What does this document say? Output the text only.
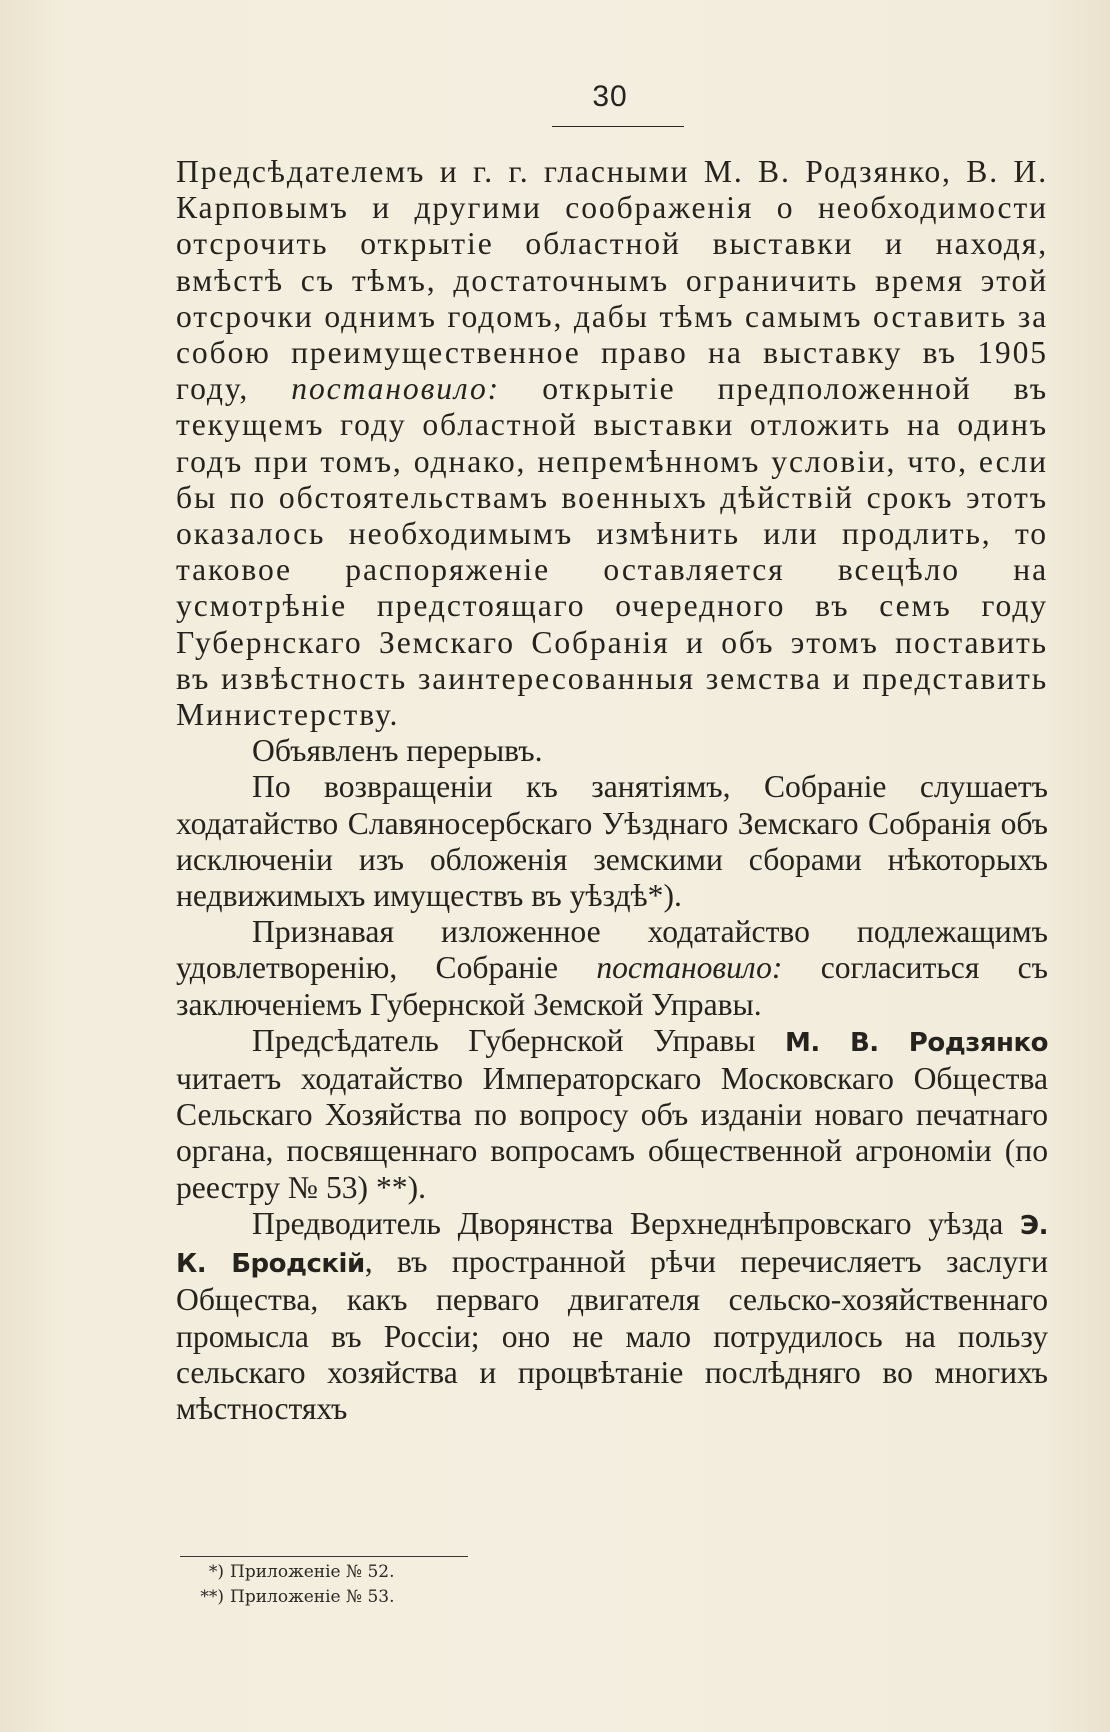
30

Предсѣдателемъ и г. г. гласными М. В. Родзянко, В. И. Карповымъ и другими соображенія о необходимости отсрочить открытіе областной выставки и находя, вмѣстѣ съ тѣмъ, достаточнымъ ограничить время этой отсрочки однимъ годомъ, дабы тѣмъ самымъ оставить за собою преимущественное право на выставку въ 1905 году, постановило: открытіе предположенной въ текущемъ году областной выставки отложить на одинъ годъ при томъ, однако, непремѣнномъ условіи, что, если бы по обстоятельствамъ военныхъ дѣйствій срокъ этотъ оказалось необходимымъ измѣнить или продлить, то таковое распоряженіе оставляется всецѣло на усмотрѣніе предстоящаго очередного въ семъ году Губернскаго Земскаго Собранія и объ этомъ поставить въ извѣстность заинтересованныя земства и представить Министерству.

Объявленъ перерывъ.

По возвращеніи къ занятіямъ, Собраніе слушаетъ ходатайство Славяносербскаго Уѣзднаго Земскаго Собранія объ исключеніи изъ обложенія земскими сборами нѣкоторыхъ недвижимыхъ имуществъ въ уѣздѣ*).

Признавая изложенное ходатайство подлежащимъ удовлетворенію, Собраніе постановило: согласиться съ заключеніемъ Губернской Земской Управы.

Предсѣдатель Губернской Управы М. В. Родзянко читаетъ ходатайство Императорскаго Московскаго Общества Сельскаго Хозяйства по вопросу объ изданіи новаго печатнаго органа, посвященнаго вопросамъ общественной агрономіи (по реестру № 53) **).

Предводитель Дворянства Верхнеднѣпровскаго уѣзда Э. К. Бродскій, въ пространной рѣчи перечисляетъ заслуги Общества, какъ перваго двигателя сельско-хозяйственнаго промысла въ Россіи; оно не мало потрудилось на пользу сельскаго хозяйства и процвѣтаніе послѣдняго во многихъ мѣстностяхъ

*) Приложеніе № 52.
**) Приложеніе № 53.
